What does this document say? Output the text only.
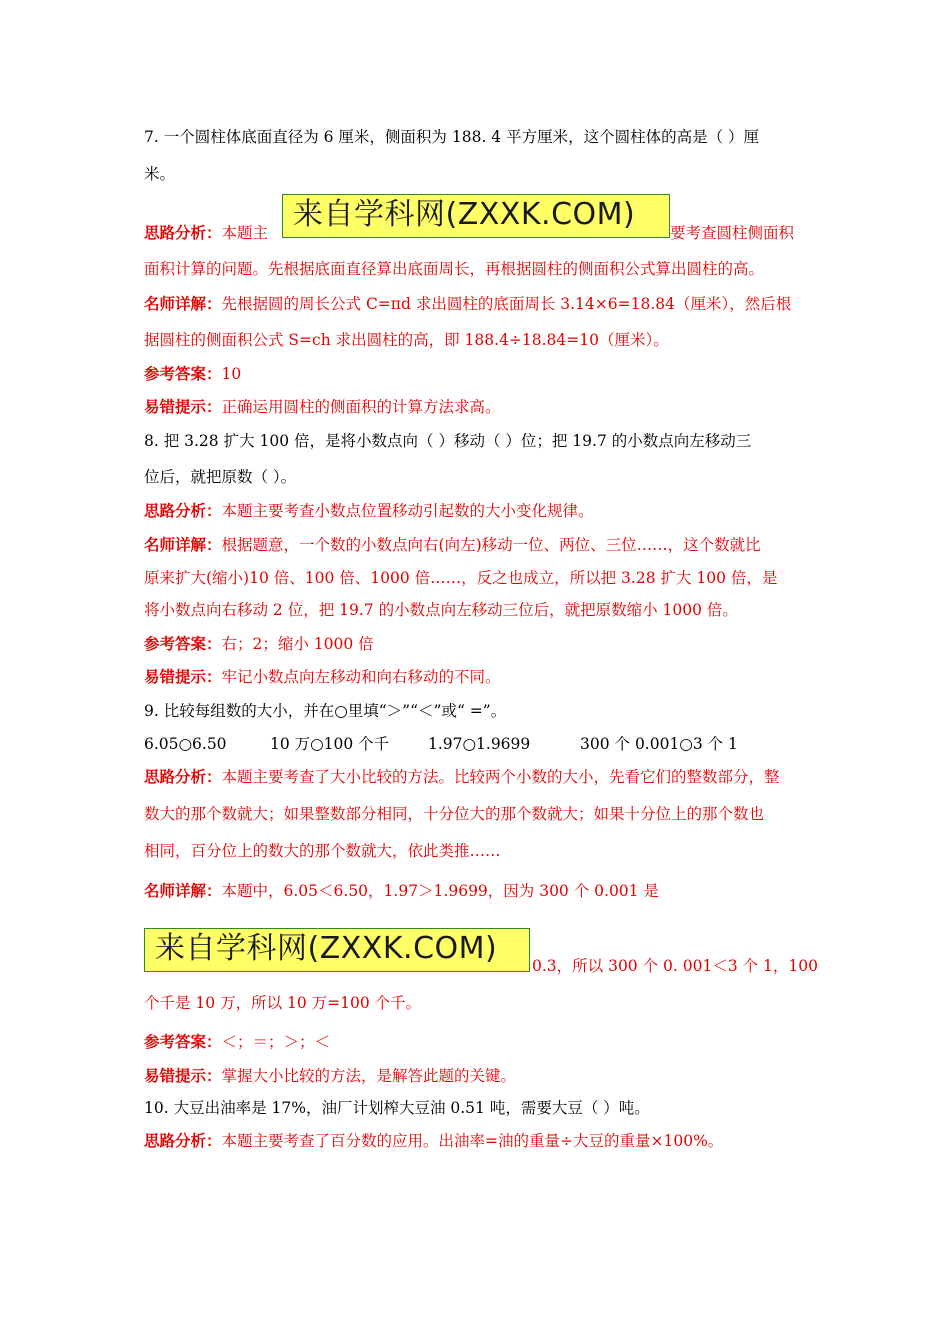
7. 一个圆柱体底面直径为 6 厘米，侧面积为 188. 4 平方厘米，这个圆柱体的高是（ ）厘
米。
思路分析：本题主
来自学科网(ZXXK.COM)
要考查圆柱侧面积
面积计算的问题。先根据底面直径算出底面周长，再根据圆柱的侧面积公式算出圆柱的高。
名师详解：先根据圆的周长公式 C=πd 求出圆柱的底面周长 3.14×6=18.84（厘米），然后根
据圆柱的侧面积公式 S=ch 求出圆柱的高，即 188.4÷18.84=10（厘米）。
参考答案：10
易错提示：正确运用圆柱的侧面积的计算方法求高。
8. 把 3.28 扩大 100 倍，是将小数点向（ ）移动（ ）位；把 19.7 的小数点向左移动三
位后，就把原数（ ）。
思路分析：本题主要考查小数点位置移动引起数的大小变化规律。
名师详解：根据题意，一个数的小数点向右(向左)移动一位、两位、三位……，这个数就比
原来扩大(缩小)10 倍、100 倍、1000 倍……，反之也成立，所以把 3.28 扩大 100 倍，是
将小数点向右移动 2 位，把 19.7 的小数点向左移动三位后，就把原数缩小 1000 倍。
参考答案：右；2；缩小 1000 倍
易错提示：牢记小数点向左移动和向右移动的不同。
9. 比较每组数的大小，并在○里填“＞”“＜”或“ =”。
6.05○6.50	10 万○100 个千	1.97○1.9699	300 个 0.001○3 个 1
思路分析：本题主要考查了大小比较的方法。比较两个小数的大小，先看它们的整数部分，整
数大的那个数就大；如果整数部分相同，十分位大的那个数就大；如果十分位上的那个数也
相同，百分位上的数大的那个数就大，依此类推……
名师详解：本题中，6.05＜6.50，1.97＞1.9699，因为 300 个 0.001 是
来自学科网(ZXXK.COM)	0.3，所以 300 个 0. 001＜3 个 1，100
个千是 10 万，所以 10 万=100 个千。
参考答案：＜；＝；＞；＜
易错提示：掌握大小比较的方法，是解答此题的关键。
10. 大豆出油率是 17%，油厂计划榨大豆油 0.51 吨，需要大豆（ ）吨。
思路分析：本题主要考查了百分数的应用。出油率=油的重量÷大豆的重量×100%。
